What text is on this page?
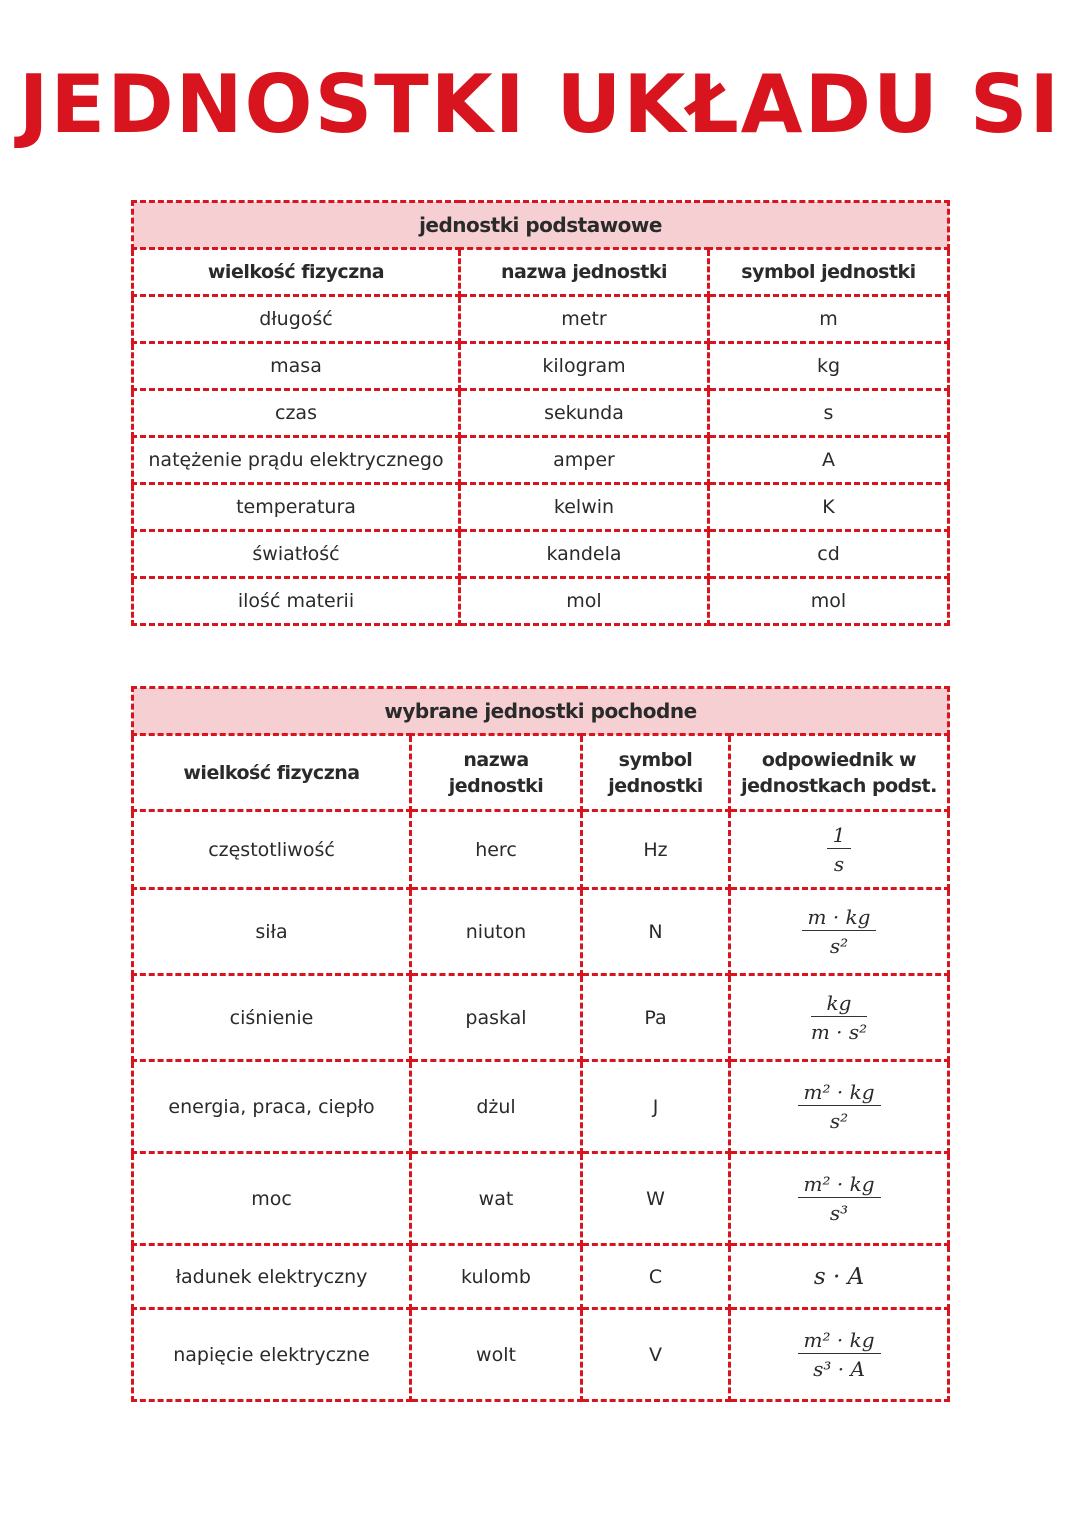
JEDNOSTKI UKŁADU SI
jednostki podstawowe		
wielkość fizyczna	nazwa jednostki	symbol jednostki
długość	metr	m
masa	kilogram	kg
czas	sekunda	s
natężenie prądu elektrycznego	amper	A
temperatura	kelwin	K
światłość	kandela	cd
ilość materii	mol	mol
wybrane jednostki pochodne			
wielkość fizyczna	nazwa jednostki	symbol jednostki	odpowiednik w jednostkach podst.
częstotliwość	herc	Hz	$\frac{1}{s}$

siła	niuton	N	$\frac{m \cdot kg}{\text{s²}}$

ciśnienie	paskal	Pa	$\frac{kg}{\text{m · s²}}$

energia, praca, ciepło	dżul	J	$\frac{\text{m² · kg}}{\text{s²}}$

moc	wat	W	$\frac{\text{m² · kg}}{\text{s³}}$

ładunek elektryczny	kulomb	C	s · A
napięcie elektryczne	wolt	V	$\frac{\text{m² · kg}}{\text{s³ · A}}$
